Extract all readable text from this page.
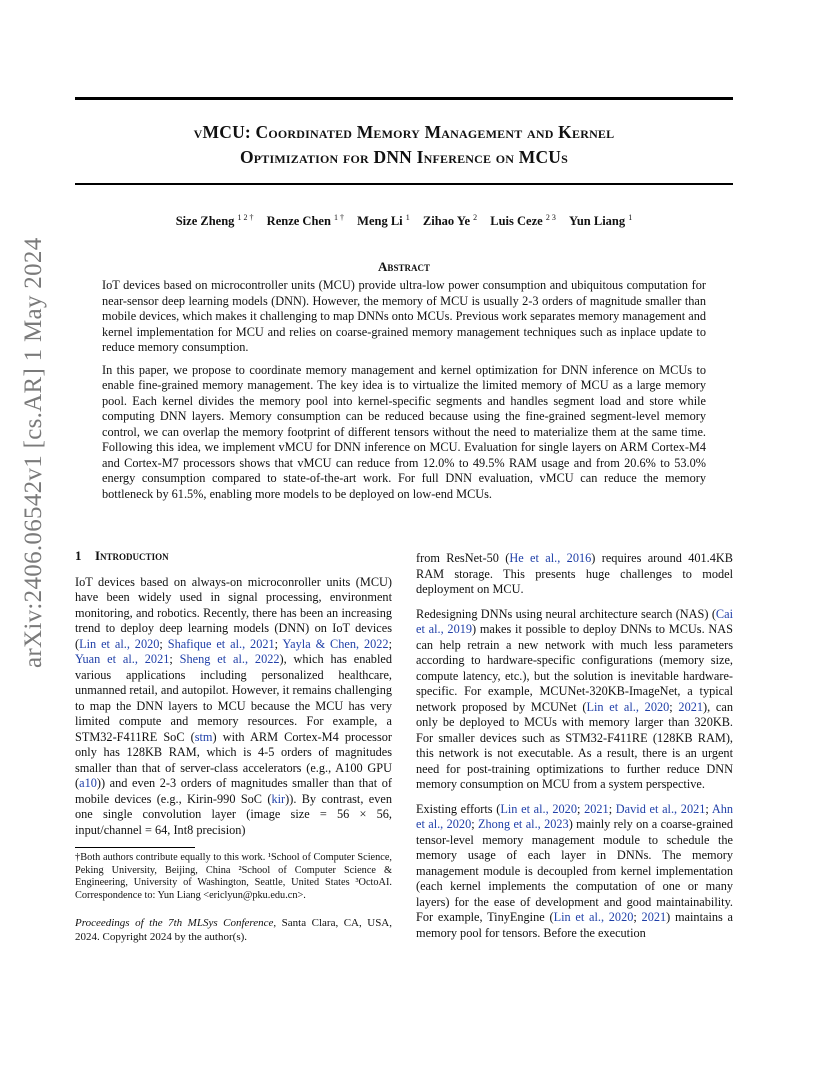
vMCU: Coordinated Memory Management and Kernel
Optimization for DNN Inference on MCUs
Size Zheng $^{1 2 \dagger}$ Renze Chen $^{1 \dagger}$ Meng Li $^1$ Zihao Ye $^2$ Luis Ceze $^{2 3}$ Yun Liang $^1$
arXiv:2406.06542v1 [cs.AR] 1 May 2024	Abstract

IoT devices based on microcontroller units (MCU) provide ultra-low power consumption and ubiquitous computation for near-sensor deep learning models (DNN). However, the memory of MCU is usually 2-3 orders of magnitude smaller than mobile devices, which makes it challenging to map DNNs onto MCUs. Previous work separates memory management and kernel implementation for MCU and relies on coarse-grained memory management techniques such as inplace update to reduce memory consumption.

In this paper, we propose to coordinate memory management and kernel optimization for DNN inference on MCUs to enable fine-grained memory management. The key idea is to virtualize the limited memory of MCU as a large memory pool. Each kernel divides the memory pool into kernel-specific segments and handles segment load and store while computing DNN layers. Memory consumption can be reduced because using the fine-grained segment-level memory control, we can overlap the memory footprint of different tensors without the need to materialize them at the same time. Following this idea, we implement vMCU for DNN inference on MCU. Evaluation for single layers on ARM Cortex-M4 and Cortex-M7 processors shows that vMCU can reduce from 12.0% to 49.5% RAM usage and from 20.6% to 53.0% energy consumption compared to state-of-the-art work. For full DNN evaluation, vMCU can reduce the memory bottleneck by 61.5%, enabling more models to be deployed on low-end MCUs.

1 Introduction

IoT devices based on always-on microconroller units (MCU) have been widely used in signal processing, environment monitoring, and robotics. Recently, there has been an increasing trend to deploy deep learning models (DNN) on IoT devices (Lin et al., 2020; Shafique et al., 2021; Yayla & Chen, 2022; Yuan et al., 2021; Sheng et al., 2022), which has enabled various applications including personalized healthcare, unmanned retail, and autopilot. However, it remains challenging to map the DNN layers to MCU because the MCU has very limited compute and memory resources. For example, a STM32-F411RE SoC (stm) with ARM Cortex-M4 processor only has 128KB RAM, which is 4-5 orders of magnitudes smaller than that of server-class accelerators (e.g., A100 GPU (a10)) and even 2-3 orders of magnitudes smaller than that of mobile devices (e.g., Kirin-990 SoC (kir)). By contrast, even one single convolution layer (image size = 56 × 56, input/channel = 64, Int8 precision)

†Both authors contribute equally to this work. ¹School of Computer Science, Peking University, Beijing, China ²School of Computer Science & Engineering, University of Washington, Seattle, United States ³OctoAI. Correspondence to: Yun Liang <ericlyun@pku.edu.cn>.
Proceedings of the 7th MLSys Conference, Santa Clara, CA, USA, 2024. Copyright 2024 by the author(s).

from ResNet-50 (He et al., 2016) requires around 401.4KB RAM storage. This presents huge challenges to model deployment on MCU.

Redesigning DNNs using neural architecture search (NAS) (Cai et al., 2019) makes it possible to deploy DNNs to MCUs. NAS can help retrain a new network with much less parameters according to hardware-specific configurations (memory size, compute latency, etc.), but the solution is inevitable hardware-specific. For example, MCUNet-320KB-ImageNet, a typical network proposed by MCUNet (Lin et al., 2020; 2021), can only be deployed to MCUs with memory larger than 320KB. For smaller devices such as STM32-F411RE (128KB RAM), this network is not executable. As a result, there is an urgent need for post-training optimizations to further reduce DNN memory consumption on MCU from a system perspective.

Existing efforts (Lin et al., 2020; 2021; David et al., 2021; Ahn et al., 2020; Zhong et al., 2023) mainly rely on a coarse-grained tensor-level memory management module to schedule the memory usage of each layer in DNNs. The memory management module is decoupled from kernel implementation (each kernel implements the computation of one or many layers) for the ease of development and good maintainability. For example, TinyEngine (Lin et al., 2020; 2021) maintains a memory pool for tensors. Before the execution
